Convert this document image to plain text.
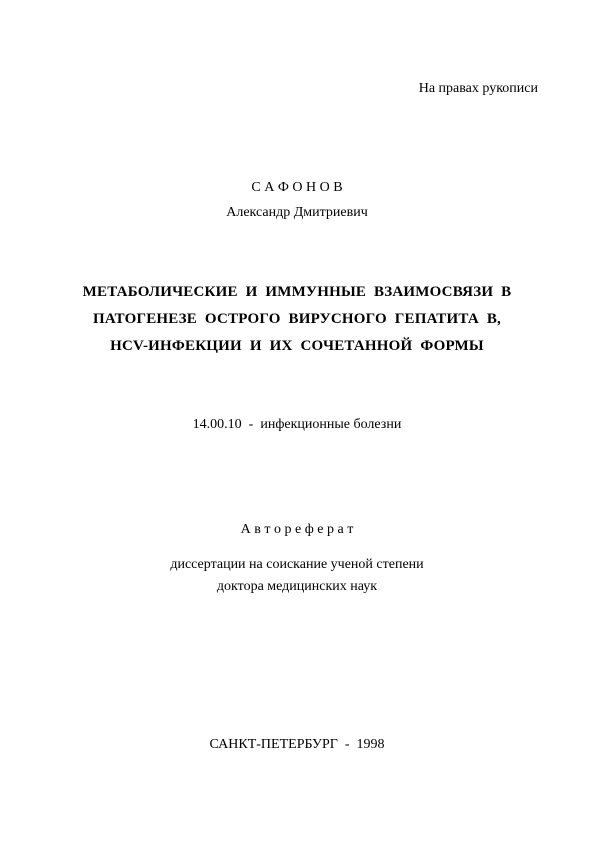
На правах рукописи
С А Ф О Н О В
Александр Дмитриевич
МЕТАБОЛИЧЕСКИЕ И ИММУННЫЕ ВЗАИМОСВЯЗИ В
ПАТОГЕНЕЗЕ ОСТРОГО ВИРУСНОГО ГЕПАТИТА В,
HCV-ИНФЕКЦИИ И ИХ СОЧЕТАННОЙ ФОРМЫ
14.00.10  -  инфекционные болезни
А в т о р е ф е р а т
диссертации на соискание ученой степени
доктора медицинских наук
САНКТ-ПЕТЕРБУРГ  -  1998
